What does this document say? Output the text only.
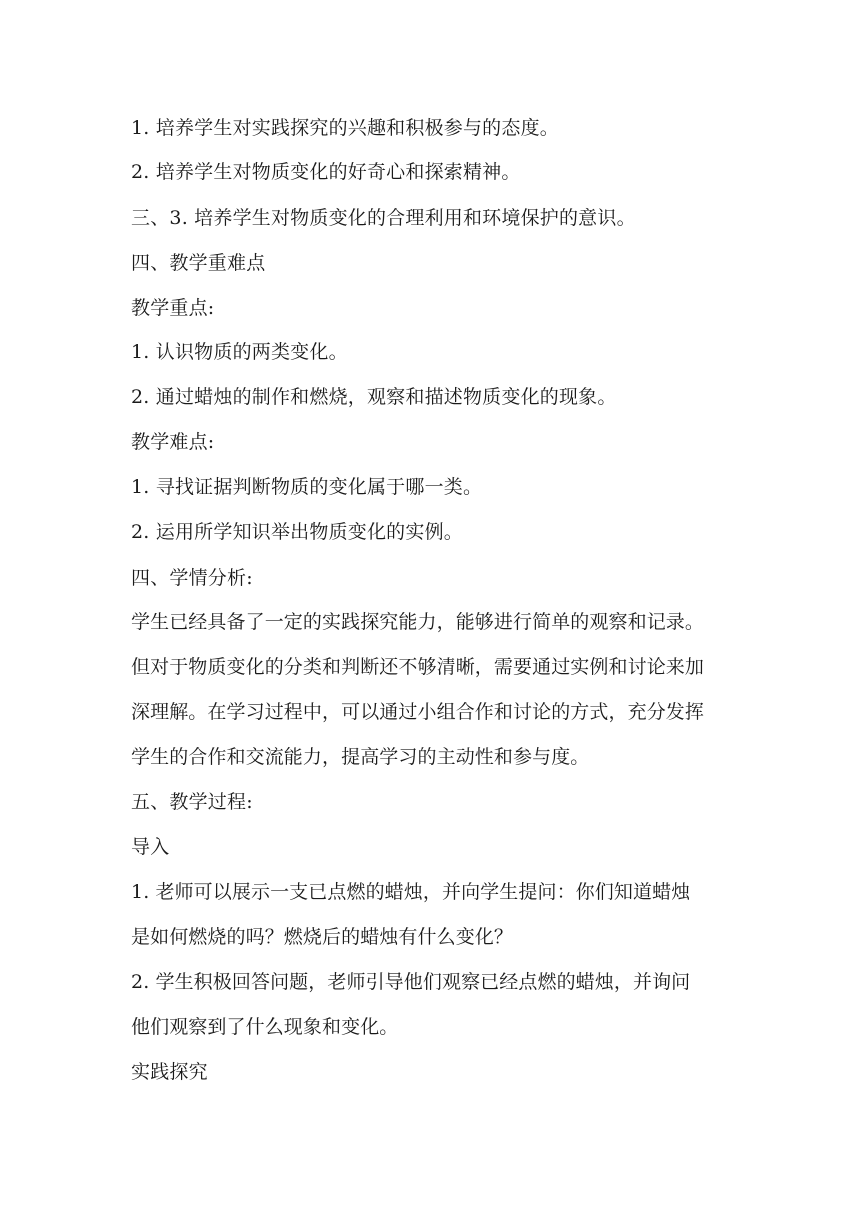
1. 培养学生对实践探究的兴趣和积极参与的态度。
2. 培养学生对物质变化的好奇心和探索精神。
三、3. 培养学生对物质变化的合理利用和环境保护的意识。
四、教学重难点
教学重点:
1. 认识物质的两类变化。
2. 通过蜡烛的制作和燃烧，观察和描述物质变化的现象。
教学难点:
1. 寻找证据判断物质的变化属于哪一类。
2. 运用所学知识举出物质变化的实例。
四、学情分析:
学生已经具备了一定的实践探究能力，能够进行简单的观察和记录。
但对于物质变化的分类和判断还不够清晰，需要通过实例和讨论来加
深理解。在学习过程中，可以通过小组合作和讨论的方式，充分发挥
学生的合作和交流能力，提高学习的主动性和参与度。
五、教学过程:
导入
1. 老师可以展示一支已点燃的蜡烛，并向学生提问：你们知道蜡烛
是如何燃烧的吗？燃烧后的蜡烛有什么变化？
2. 学生积极回答问题，老师引导他们观察已经点燃的蜡烛，并询问
他们观察到了什么现象和变化。
实践探究
